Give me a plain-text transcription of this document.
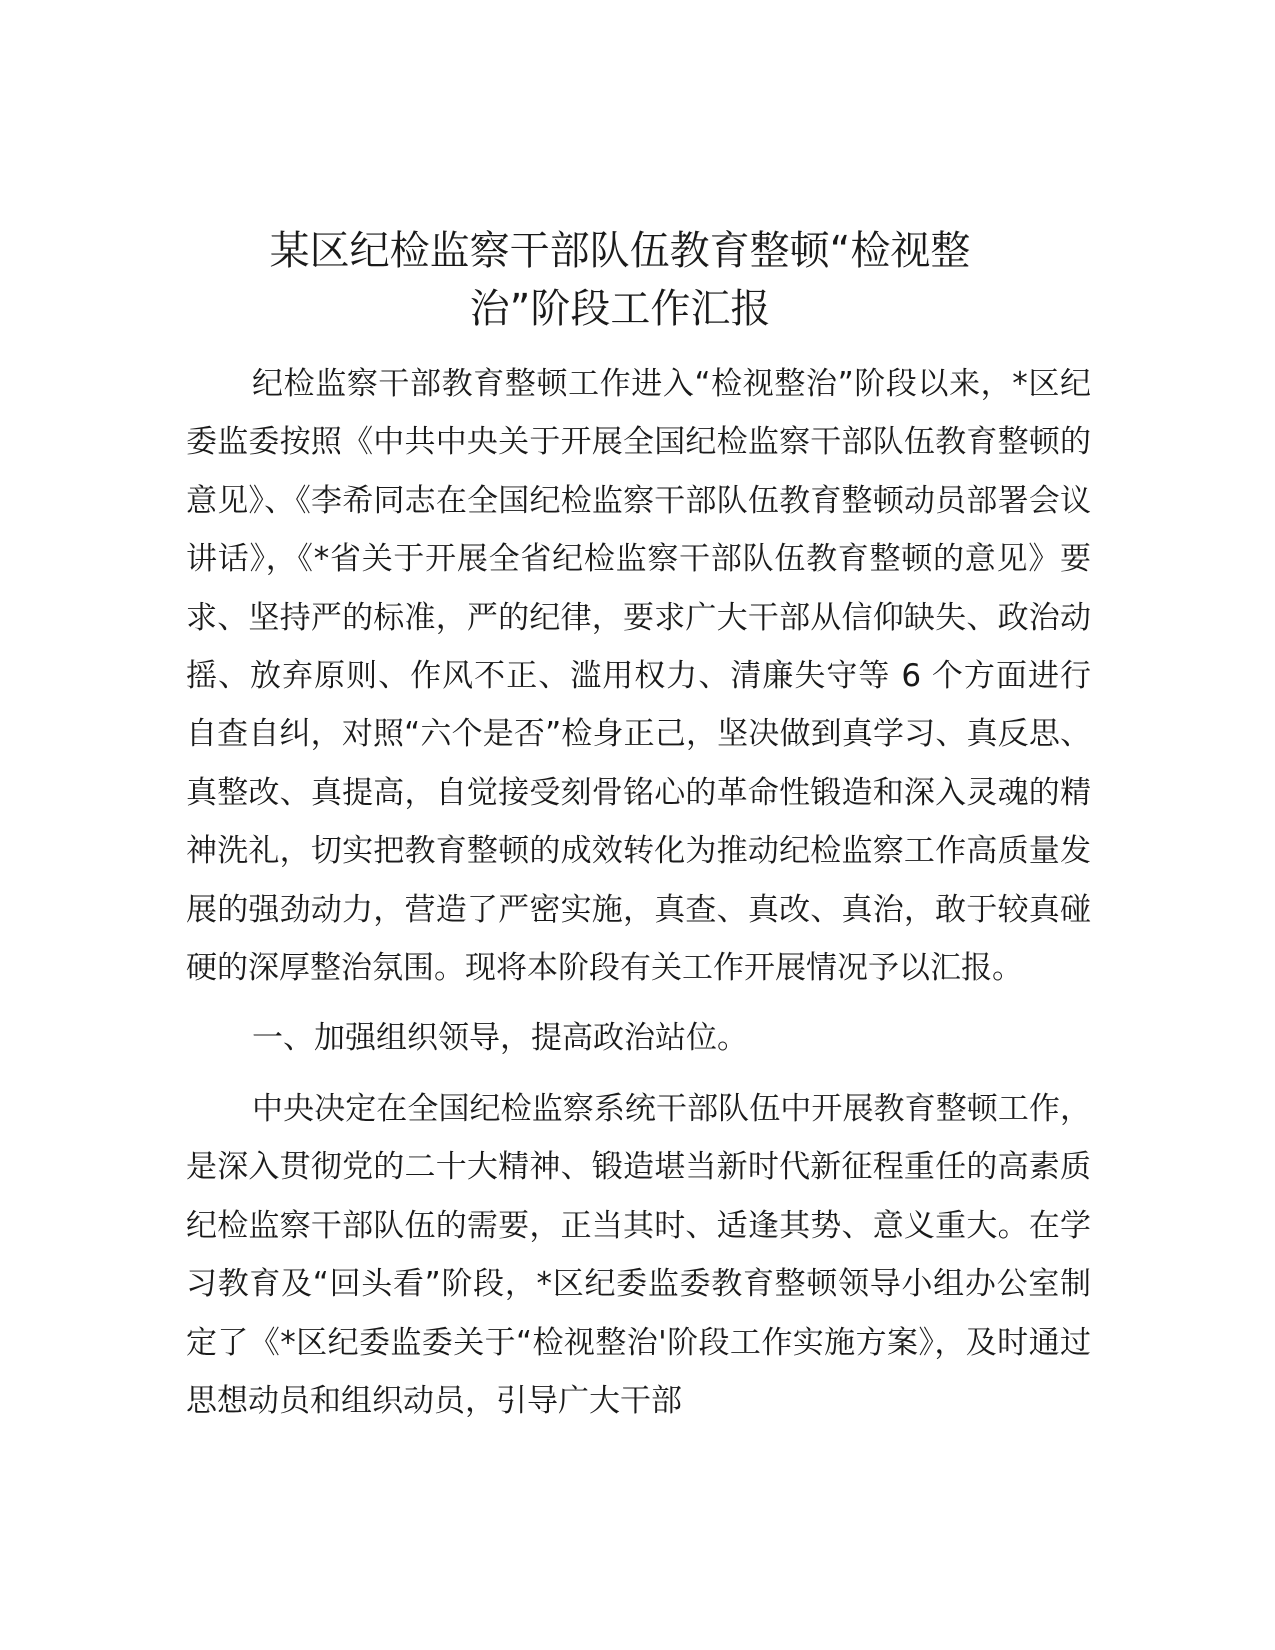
某区纪检监察干部队伍教育整顿“检视整
治”阶段工作汇报

纪检监察干部教育整顿工作进入“检视整治”阶段以来，*区纪委监委按照《中共中央关于开展全国纪检监察干部队伍教育整顿的意见》、《李希同志在全国纪检监察干部队伍教育整顿动员部署会议讲话》，《*省关于开展全省纪检监察干部队伍教育整顿的意见》要求、坚持严的标准，严的纪律，要求广大干部从信仰缺失、政治动摇、放弃原则、作风不正、滥用权力、清廉失守等 6 个方面进行自查自纠，对照“六个是否”检身正己，坚决做到真学习、真反思、真整改、真提高，自觉接受刻骨铭心的革命性锻造和深入灵魂的精神洗礼，切实把教育整顿的成效转化为推动纪检监察工作高质量发展的强劲动力，营造了严密实施，真查、真改、真治，敢于较真碰硬的深厚整治氛围。现将本阶段有关工作开展情况予以汇报。

一、加强组织领导，提高政治站位。

中央决定在全国纪检监察系统干部队伍中开展教育整顿工作，是深入贯彻党的二十大精神、锻造堪当新时代新征程重任的高素质纪检监察干部队伍的需要，正当其时、适逢其势、意义重大。在学习教育及“回头看”阶段，*区纪委监委教育整顿领导小组办公室制定了《*区纪委监委关于“检视整治'阶段工作实施方案》，及时通过思想动员和组织动员，引导广大干部
